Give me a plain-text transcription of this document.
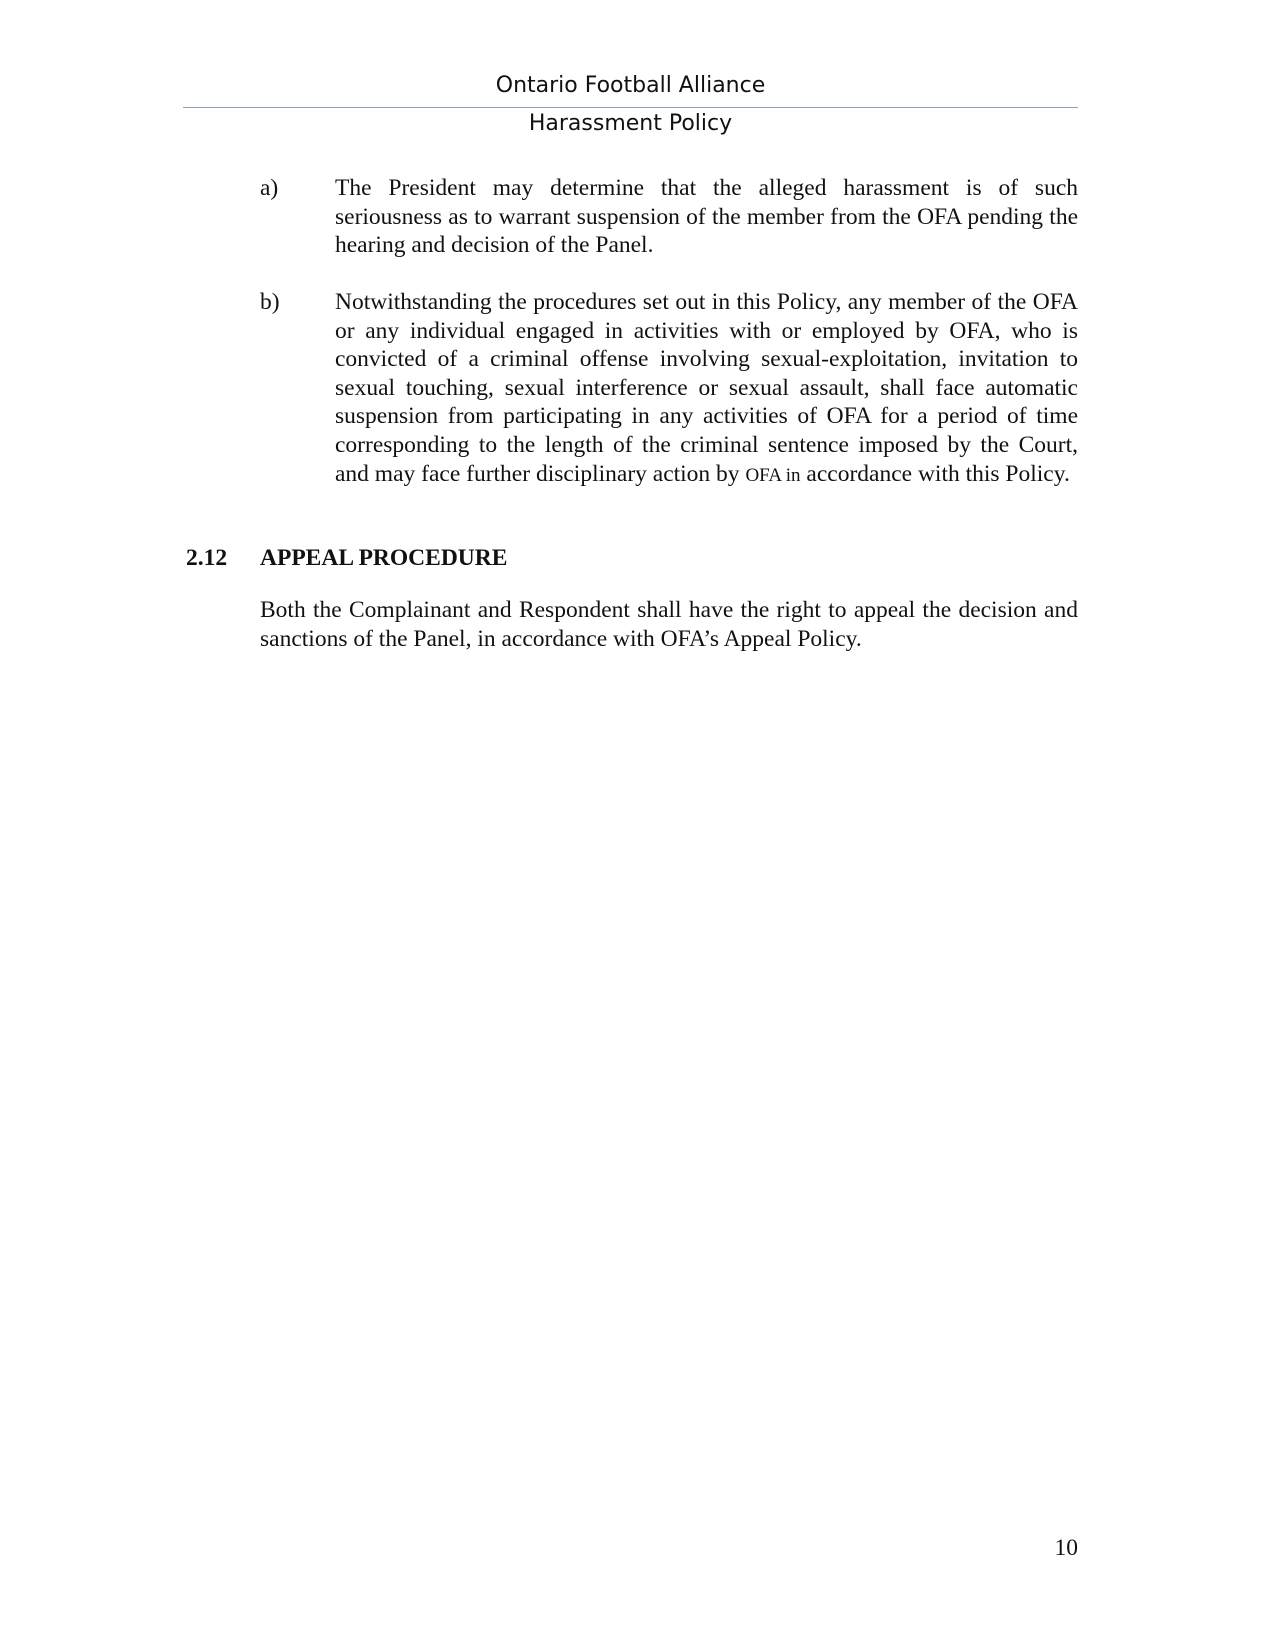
Ontario Football Alliance
Harassment Policy
a)	The President may determine that the alleged harassment is of such seriousness as to warrant suspension of the member from the OFA pending the hearing and decision of the Panel.
b)	Notwithstanding the procedures set out in this Policy, any member of the OFA or any individual engaged in activities with or employed by OFA, who is convicted of a criminal offense involving sexual-exploitation, invitation to sexual touching, sexual interference or sexual assault, shall face automatic suspension from participating in any activities of OFA for a period of time corresponding to the length of the criminal sentence imposed by the Court, and may face further disciplinary action by OFA in accordance with this Policy.
2.12 APPEAL PROCEDURE
Both the Complainant and Respondent shall have the right to appeal the decision and sanctions of the Panel, in accordance with OFA’s Appeal Policy.
10
